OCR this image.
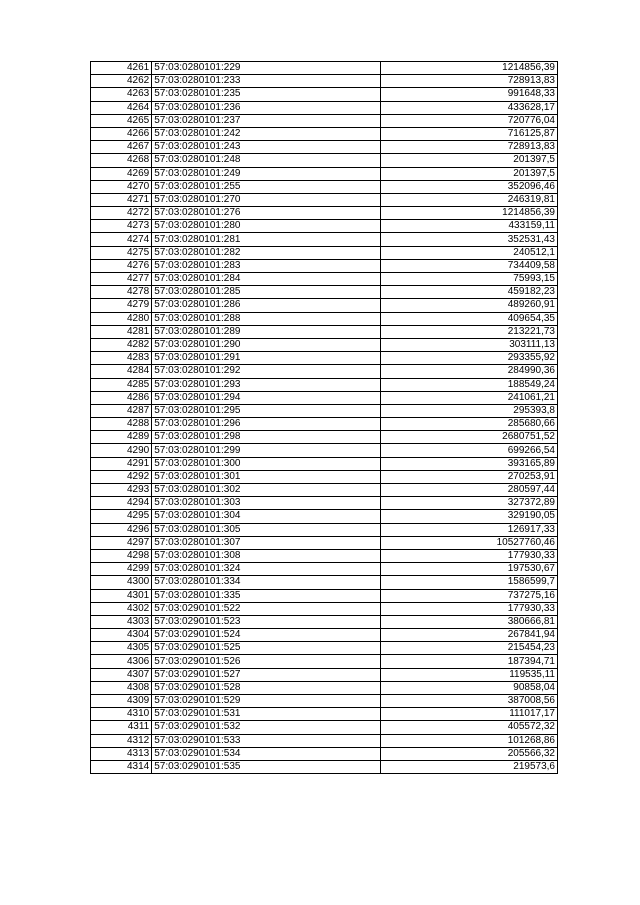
4261	57:03:0280101:229	1214856,39
4262	57:03:0280101:233	728913,83
4263	57:03:0280101:235	991648,33
4264	57:03:0280101:236	433628,17
4265	57:03:0280101:237	720776,04
4266	57:03:0280101:242	716125,87
4267	57:03:0280101:243	728913,83
4268	57:03:0280101:248	201397,5
4269	57:03:0280101:249	201397,5
4270	57:03:0280101:255	352096,46
4271	57:03:0280101:270	246319,81
4272	57:03:0280101:276	1214856,39
4273	57:03:0280101:280	433159,11
4274	57:03:0280101:281	352531,43
4275	57:03:0280101:282	240512,1
4276	57:03:0280101:283	734409,58
4277	57:03:0280101:284	75993,15
4278	57:03:0280101:285	459182,23
4279	57:03:0280101:286	489260,91
4280	57:03:0280101:288	409654,35
4281	57:03:0280101:289	213221,73
4282	57:03:0280101:290	303111,13
4283	57:03:0280101:291	293355,92
4284	57:03:0280101:292	284990,36
4285	57:03:0280101:293	188549,24
4286	57:03:0280101:294	241061,21
4287	57:03:0280101:295	295393,8
4288	57:03:0280101:296	285680,66
4289	57:03:0280101:298	2680751,52
4290	57:03:0280101:299	699266,54
4291	57:03:0280101:300	393165,89
4292	57:03:0280101:301	270253,91
4293	57:03:0280101:302	280597,44
4294	57:03:0280101:303	327372,89
4295	57:03:0280101:304	329190,05
4296	57:03:0280101:305	126917,33
4297	57:03:0280101:307	10527760,46
4298	57:03:0280101:308	177930,33
4299	57:03:0280101:324	197530,67
4300	57:03:0280101:334	1586599,7
4301	57:03:0280101:335	737275,16
4302	57:03:0290101:522	177930,33
4303	57:03:0290101:523	380666,81
4304	57:03:0290101:524	267841,94
4305	57:03:0290101:525	215454,23
4306	57:03:0290101:526	187394,71
4307	57:03:0290101:527	119535,11
4308	57:03:0290101:528	90858,04
4309	57:03:0290101:529	387008,56
4310	57:03:0290101:531	111017,17
4311	57:03:0290101:532	405572,32
4312	57:03:0290101:533	101268,86
4313	57:03:0290101:534	205566,32
4314	57:03:0290101:535	219573,6
